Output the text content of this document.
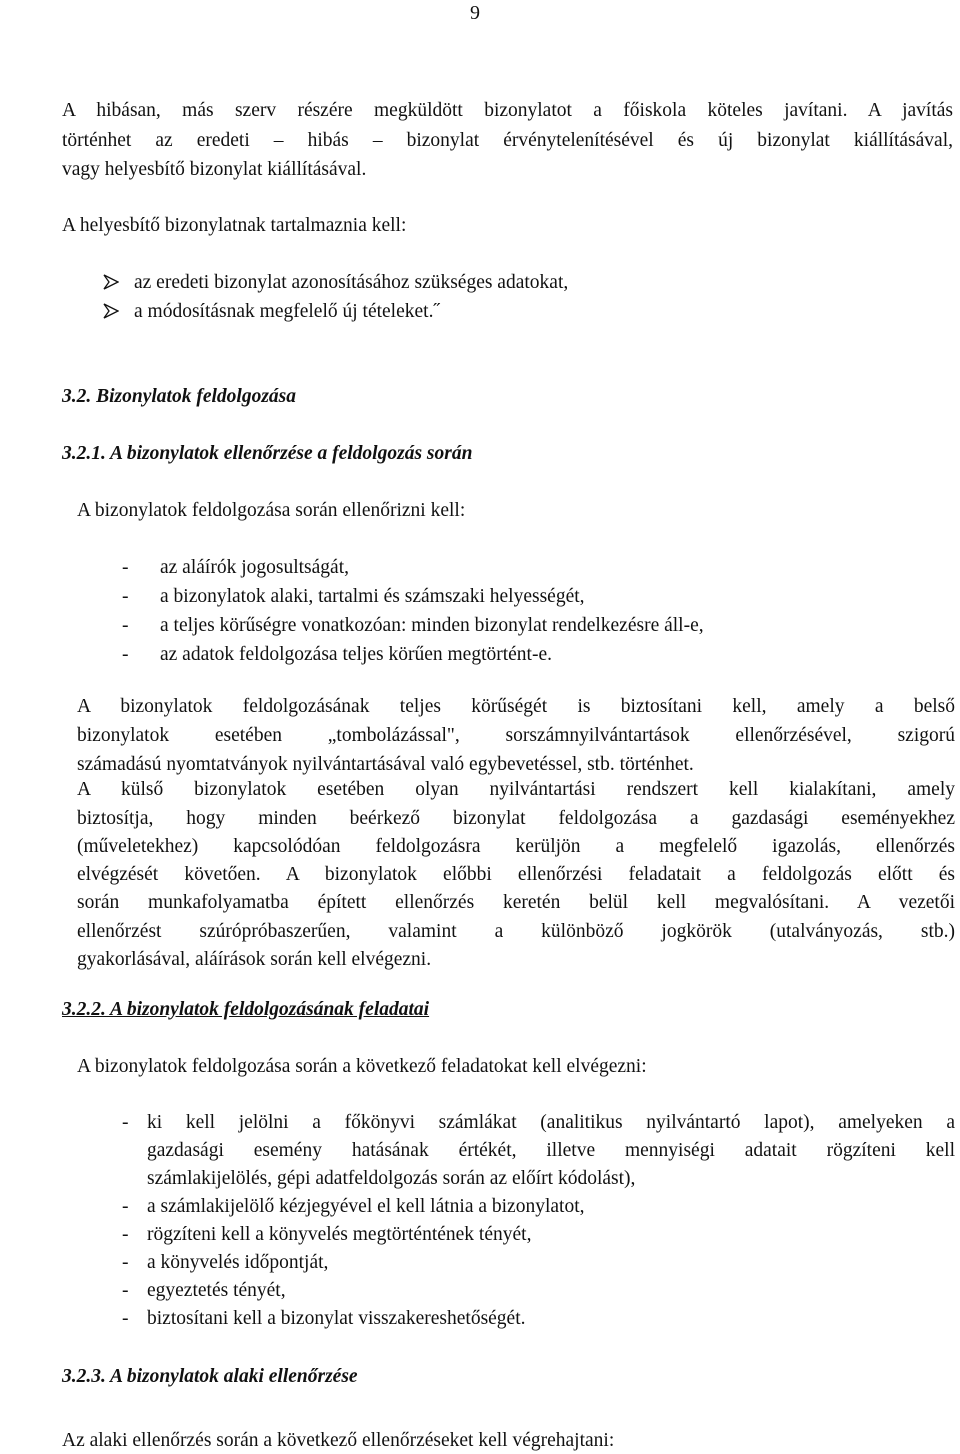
9
A hibásan, más szerv részére megküldött bizonylatot a főiskola köteles javítani. A javítás
történhet az eredeti – hibás – bizonylat érvénytelenítésével és új bizonylat kiállításával,
vagy helyesbítő bizonylat kiállításával.
A helyesbítő bizonylatnak tartalmaznia kell:
az eredeti bizonylat azonosításához szükséges adatokat,
a módosításnak megfelelő új tételeket.˝
3.2. Bizonylatok feldolgozása
3.2.1. A bizonylatok ellenőrzése a feldolgozás során
A bizonylatok feldolgozása során ellenőrizni kell:
- az aláírók jogosultságát,
- a bizonylatok alaki, tartalmi és számszaki helyességét,
- a teljes körűségre vonatkozóan: minden bizonylat rendelkezésre áll-e,
- az adatok feldolgozása teljes körűen megtörtént-e.
A bizonylatok feldolgozásának teljes körűségét is biztosítani kell, amely a belső
bizonylatok esetében „tombolázással", sorszámnyilvántartások ellenőrzésével, szigorú
számadású nyomtatványok nyilvántartásával való egybevetéssel, stb. történhet.
A külső bizonylatok esetében olyan nyilvántartási rendszert kell kialakítani, amely
biztosítja, hogy minden beérkező bizonylat feldolgozása a gazdasági eseményekhez
(műveletekhez) kapcsolódóan feldolgozásra kerüljön a megfelelő igazolás, ellenőrzés
elvégzését követően. A bizonylatok előbbi ellenőrzési feladatait a feldolgozás előtt és
során munkafolyamatba épített ellenőrzés keretén belül kell megvalósítani. A vezetői
ellenőrzést szúrópróbaszerűen, valamint a különböző jogkörök (utalványozás, stb.)
gyakorlásával, aláírások során kell elvégezni.
3.2.2. A bizonylatok feldolgozásának feladatai
A bizonylatok feldolgozása során a következő feladatokat kell elvégezni:
- ki kell jelölni a főkönyvi számlákat (analitikus nyilvántartó lapot), amelyeken a
gazdasági esemény hatásának értékét, illetve mennyiségi adatait rögzíteni kell
számlakijelölés, gépi adatfeldolgozás során az előírt kódolást),
- a számlakijelölő kézjegyével el kell látnia a bizonylatot,
- rögzíteni kell a könyvelés megtörténtének tényét,
- a könyvelés időpontját,
- egyeztetés tényét,
- biztosítani kell a bizonylat visszakereshetőségét.
3.2.3. A bizonylatok alaki ellenőrzése
Az alaki ellenőrzés során a következő ellenőrzéseket kell végrehajtani:
